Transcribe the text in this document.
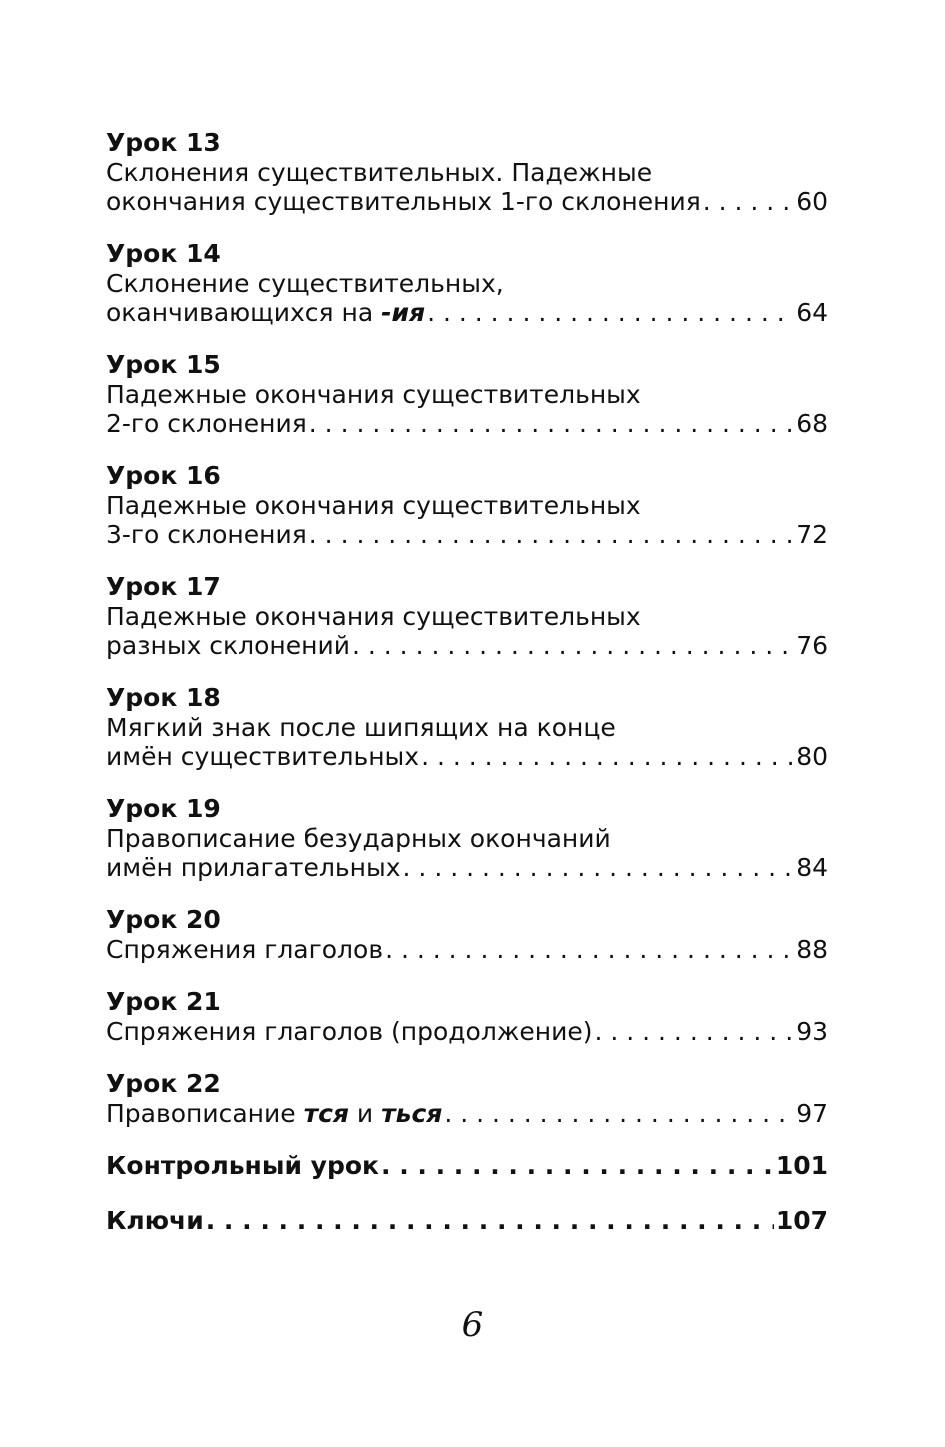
Урок 13
Склонения существительных. Падежные
окончания существительных 1-го склонения . . .	60
Урок 14
Склонение существительных,
оканчивающихся на -ия . . .	64
Урок 15
Падежные окончания существительных
2-го склонения . . .	68
Урок 16
Падежные окончания существительных
3-го склонения . . .	72
Урок 17
Падежные окончания существительных
разных склонений . . .	76
Урок 18
Мягкий знак после шипящих на конце
имён существительных . . .	80
Урок 19
Правописание безударных окончаний
имён прилагательных . . .	84
Урок 20
Спряжения глаголов . . .	88
Урок 21
Спряжения глаголов (продолжение) . . .	93
Урок 22
Правописание тся и ться . . .	97
Контрольный урок . . .	101
Ключи . . .	107
6
